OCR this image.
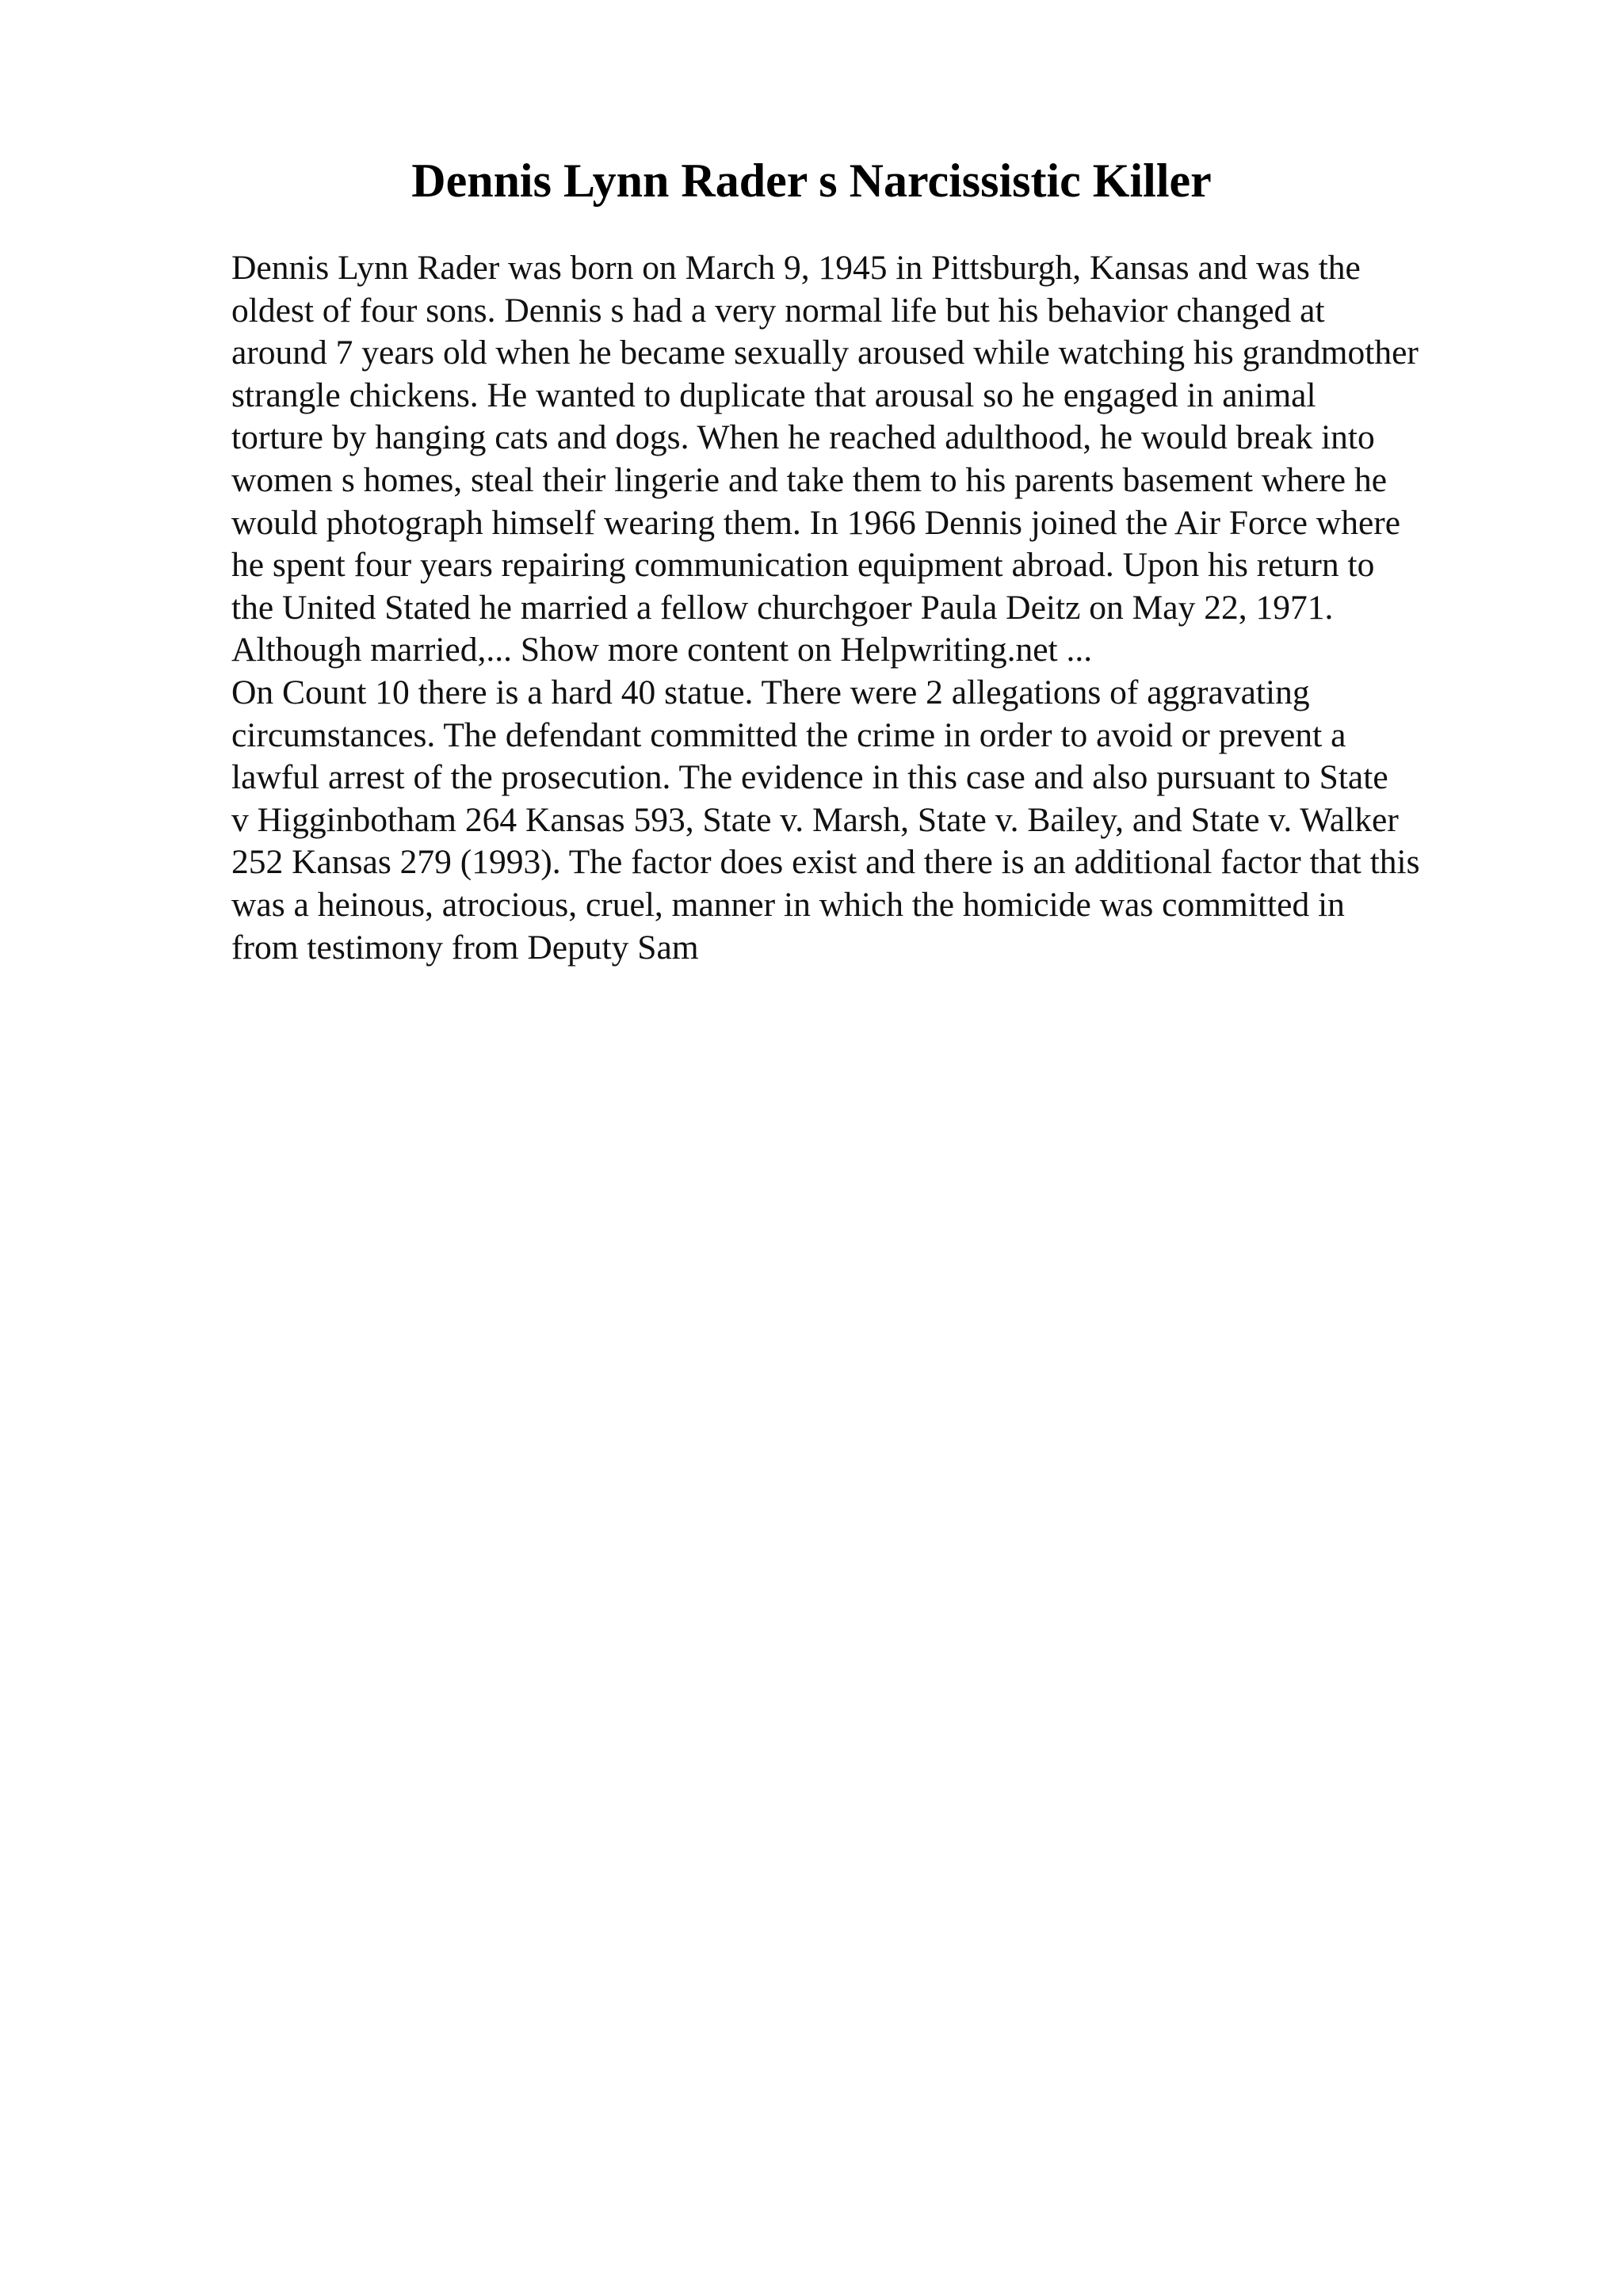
Dennis Lynn Rader s Narcissistic Killer
Dennis Lynn Rader was born on March 9, 1945 in Pittsburgh, Kansas and was the
oldest of four sons. Dennis s had a very normal life but his behavior changed at
around 7 years old when he became sexually aroused while watching his grandmother
strangle chickens. He wanted to duplicate that arousal so he engaged in animal
torture by hanging cats and dogs. When he reached adulthood, he would break into
women s homes, steal their lingerie and take them to his parents basement where he
would photograph himself wearing them. In 1966 Dennis joined the Air Force where
he spent four years repairing communication equipment abroad. Upon his return to
the United Stated he married a fellow churchgoer Paula Deitz on May 22, 1971.
Although married,... Show more content on Helpwriting.net ...
On Count 10 there is a hard 40 statue. There were 2 allegations of aggravating
circumstances. The defendant committed the crime in order to avoid or prevent a
lawful arrest of the prosecution. The evidence in this case and also pursuant to State
v Higginbotham 264 Kansas 593, State v. Marsh, State v. Bailey, and State v. Walker
252 Kansas 279 (1993). The factor does exist and there is an additional factor that this
was a heinous, atrocious, cruel, manner in which the homicide was committed in
from testimony from Deputy Sam
